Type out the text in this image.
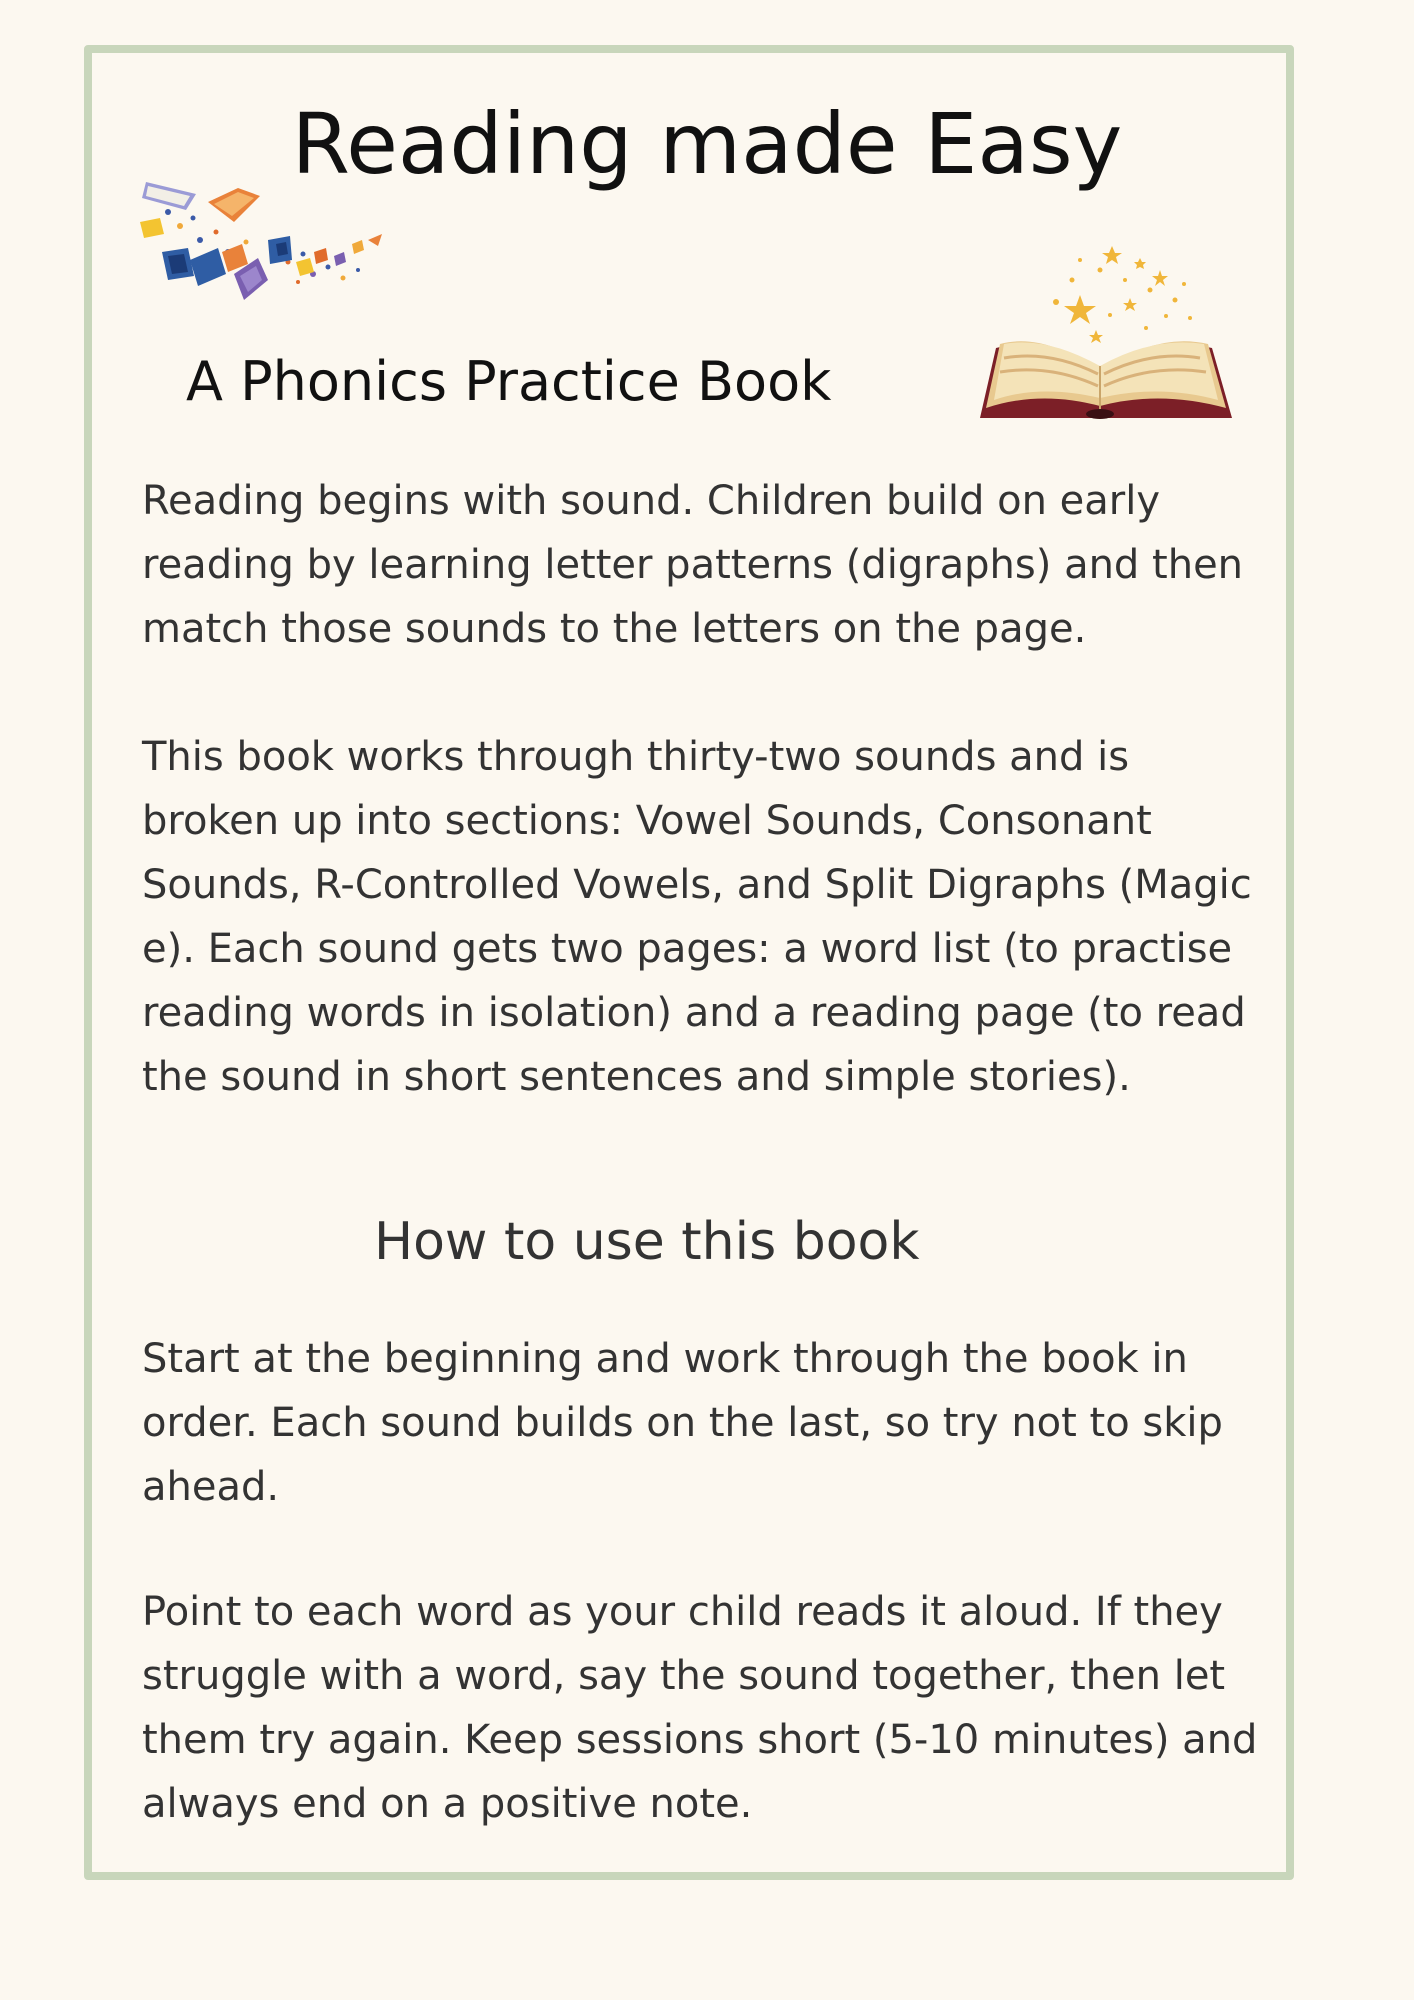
Reading made Easy
A Phonics Practice Book

Reading begins with sound. Children build on early reading by learning letter patterns (digraphs) and then match those sounds to the letters on the page.

This book works through thirty-two sounds and is broken up into sections: Vowel Sounds, Consonant Sounds, R-Controlled Vowels, and Split Digraphs (Magic e). Each sound gets two pages: a word list (to practise reading words in isolation) and a reading page (to read the sound in short sentences and simple stories).

How to use this book

Start at the beginning and work through the book in order. Each sound builds on the last, so try not to skip ahead.

Point to each word as your child reads it aloud. If they struggle with a word, say the sound together, then let them try again. Keep sessions short (5-10 minutes) and always end on a positive note.
